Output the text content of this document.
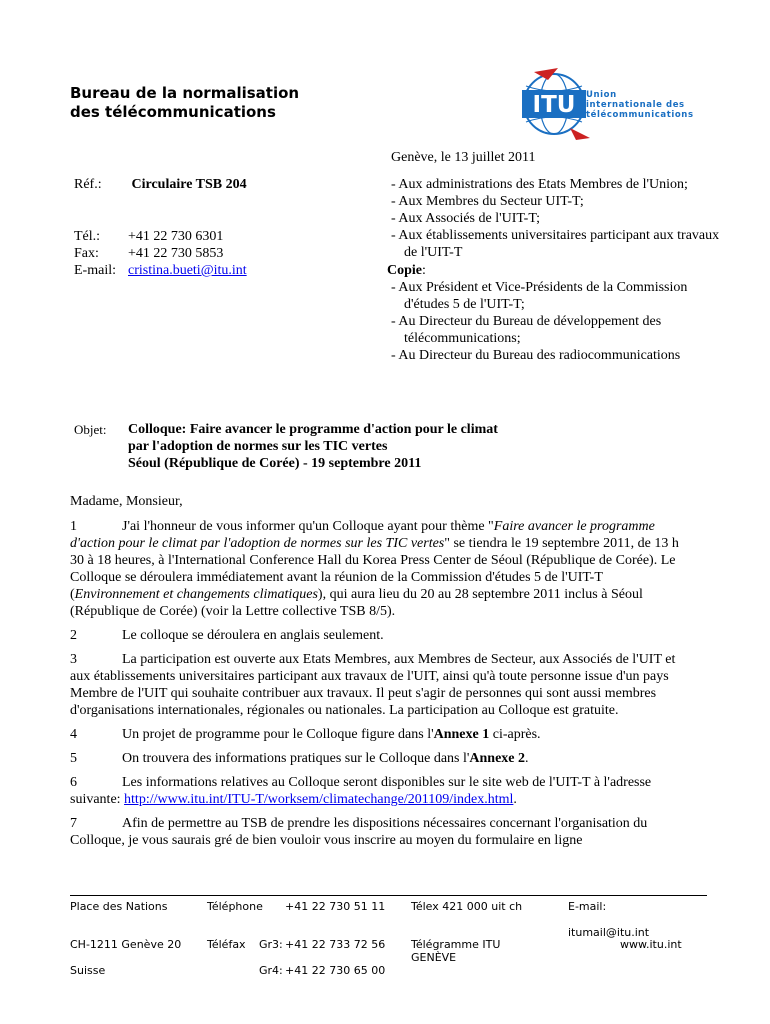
Bureau de la normalisation
des télécommunications	ITU Union
internationale des
télécommunications
Genève, le 13 juillet 2011
Réf.: Circulaire TSB 204
Tél.: +41 22 730 6301
Fax: +41 22 730 5853
E-mail: cristina.bueti@itu.int
- Aux administrations des Etats Membres de l'Union;
- Aux Membres du Secteur UIT-T;
- Aux Associés de l'UIT-T;
- Aux établissements universitaires participant aux travaux de l'UIT-T
Copie:
- Aux Président et Vice-Présidents de la Commission d'études 5 de l'UIT-T;
- Au Directeur du Bureau de développement des télécommunications;
- Au Directeur du Bureau des radiocommunications
Objet: Colloque: Faire avancer le programme d'action pour le climat
par l'adoption de normes sur les TIC vertes
Séoul (République de Corée) - 19 septembre 2011
Madame, Monsieur,

1	J'ai l'honneur de vous informer qu'un Colloque ayant pour thème "Faire avancer le programme d'action pour le climat par l'adoption de normes sur les TIC vertes" se tiendra le 19 septembre 2011, de 13 h 30 à 18 heures, à l'International Conference Hall du Korea Press Center de Séoul (République de Corée). Le Colloque se déroulera immédiatement avant la réunion de la Commission d'études 5 de l'UIT-T (Environnement et changements climatiques), qui aura lieu du 20 au 28 septembre 2011 inclus à Séoul (République de Corée) (voir la Lettre collective TSB 8/5).

2	Le colloque se déroulera en anglais seulement.

3	La participation est ouverte aux Etats Membres, aux Membres de Secteur, aux Associés de l'UIT et aux établissements universitaires participant aux travaux de l'UIT, ainsi qu'à toute personne issue d'un pays Membre de l'UIT qui souhaite contribuer aux travaux. Il peut s'agir de personnes qui sont aussi membres d'organisations internationales, régionales ou nationales. La participation au Colloque est gratuite.

4	Un projet de programme pour le Colloque figure dans l'Annexe 1 ci-après.

5	On trouvera des informations pratiques sur le Colloque dans l'Annexe 2.

6	Les informations relatives au Colloque seront disponibles sur le site web de l'UIT-T à l'adresse suivante: http://www.itu.int/ITU-T/worksem/climatechange/201109/index.html.

7	Afin de permettre au TSB de prendre les dispositions nécessaires concernant l'organisation du Colloque, je vous saurais gré de bien vouloir vous inscrire au moyen du formulaire en ligne

Place des Nations
CH-1211 Genève 20
Suisse
Téléphone +41 22 730 51 11
Téléfax Gr3: +41 22 733 72 56
Gr4: +41 22 730 65 00
Télex 421 000 uit ch
Télégramme ITU
GENÈVE
E-mail:
itumail@itu.int
www.itu.int
